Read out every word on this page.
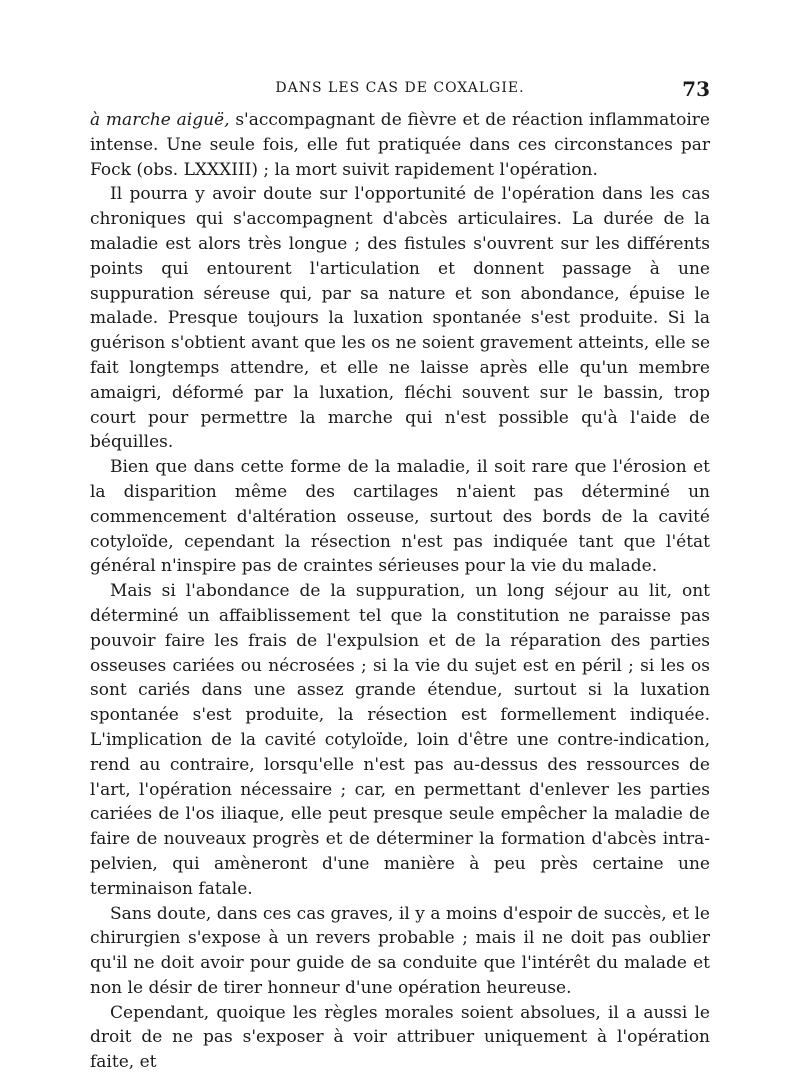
DANS LES CAS DE COXALGIE.	73

à marche aiguë, s'accompagnant de fièvre et de réaction inflammatoire intense. Une seule fois, elle fut pratiquée dans ces circonstances par Fock (obs. LXXXIII) ; la mort suivit rapidement l'opération.

Il pourra y avoir doute sur l'opportunité de l'opération dans les cas chroniques qui s'accompagnent d'abcès articulaires. La durée de la maladie est alors très longue ; des fistules s'ouvrent sur les différents points qui entourent l'articulation et donnent passage à une suppuration séreuse qui, par sa nature et son abondance, épuise le malade. Presque toujours la luxation spontanée s'est produite. Si la guérison s'obtient avant que les os ne soient gravement atteints, elle se fait longtemps attendre, et elle ne laisse après elle qu'un membre amaigri, déformé par la luxation, fléchi souvent sur le bassin, trop court pour permettre la marche qui n'est possible qu'à l'aide de béquilles.

Bien que dans cette forme de la maladie, il soit rare que l'érosion et la disparition même des cartilages n'aient pas déterminé un commencement d'altération osseuse, surtout des bords de la cavité cotyloïde, cependant la résection n'est pas indiquée tant que l'état général n'inspire pas de craintes sérieuses pour la vie du malade.

Mais si l'abondance de la suppuration, un long séjour au lit, ont déterminé un affaiblissement tel que la constitution ne paraisse pas pouvoir faire les frais de l'expulsion et de la réparation des parties osseuses cariées ou nécrosées ; si la vie du sujet est en péril ; si les os sont cariés dans une assez grande étendue, surtout si la luxation spontanée s'est produite, la résection est formellement indiquée. L'implication de la cavité cotyloïde, loin d'être une contre-indication, rend au contraire, lorsqu'elle n'est pas au-dessus des ressources de l'art, l'opération nécessaire ; car, en permettant d'enlever les parties cariées de l'os iliaque, elle peut presque seule empêcher la maladie de faire de nouveaux progrès et de déterminer la formation d'abcès intra-pelvien, qui amèneront d'une manière à peu près certaine une terminaison fatale.

Sans doute, dans ces cas graves, il y a moins d'espoir de succès, et le chirurgien s'expose à un revers probable ; mais il ne doit pas oublier qu'il ne doit avoir pour guide de sa conduite que l'intérêt du malade et non le désir de tirer honneur d'une opération heureuse.

Cependant, quoique les règles morales soient absolues, il a aussi le droit de ne pas s'exposer à voir attribuer uniquement à l'opération faite, et
